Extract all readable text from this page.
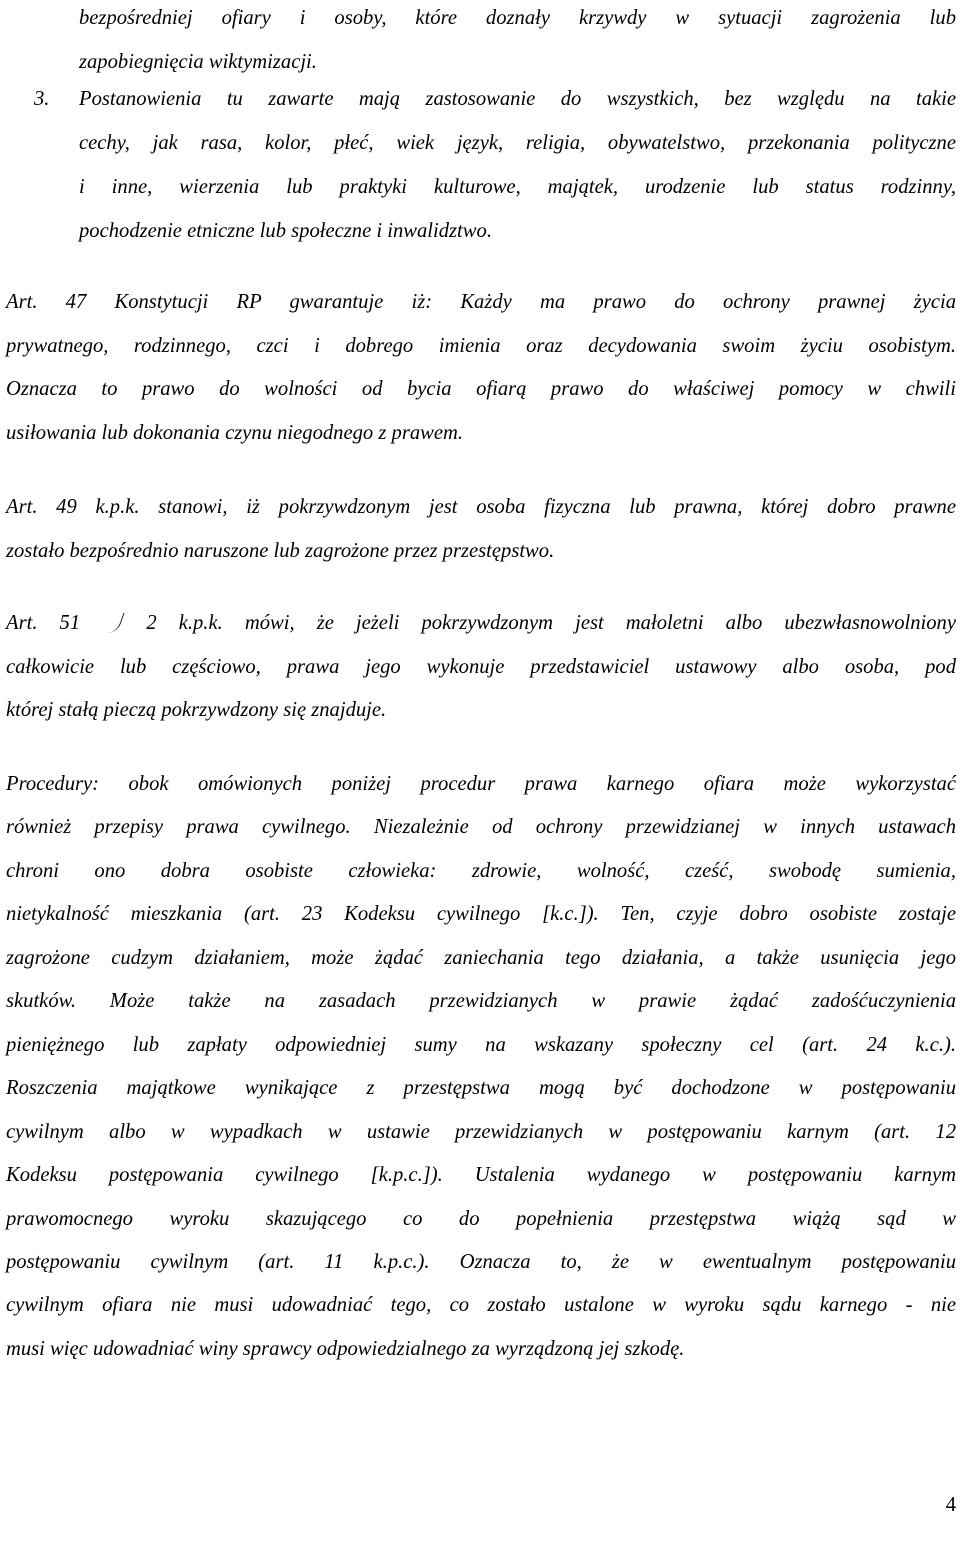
bezpośredniej ofiary i osoby, które doznały krzywdy w sytuacji zagrożenia lub
zapobiegnięcia wiktymizacji.
3. Postanowienia tu zawarte mają zastosowanie do wszystkich, bez względu na takie
cechy, jak rasa, kolor, płeć, wiek język, religia, obywatelstwo, przekonania polityczne
i inne, wierzenia lub praktyki kulturowe, majątek, urodzenie lub status rodzinny,
pochodzenie etniczne lub społeczne i inwalidztwo.
Art. 47 Konstytucji RP gwarantuje iż: Każdy ma prawo do ochrony prawnej życia
prywatnego, rodzinnego, czci i dobrego imienia oraz decydowania swoim życiu osobistym.
Oznacza to prawo do wolności od bycia ofiarą prawo do właściwej pomocy w chwili
usiłowania lub dokonania czynu niegodnego z prawem.
Art. 49 k.p.k. stanowi, iż pokrzywdzonym jest osoba fizyczna lub prawna, której dobro prawne
zostało bezpośrednio naruszone lub zagrożone przez przestępstwo.
Art. 51	2 k.p.k. mówi, że jeżeli pokrzywdzonym jest małoletni albo ubezwłasnowolniony
całkowicie lub częściowo, prawa jego wykonuje przedstawiciel ustawowy albo osoba, pod
której stałą pieczą pokrzywdzony się znajduje.
Procedury: obok omówionych poniżej procedur prawa karnego ofiara może wykorzystać
również przepisy prawa cywilnego. Niezależnie od ochrony przewidzianej w innych ustawach
chroni ono dobra osobiste człowieka: zdrowie, wolność, cześć, swobodę sumienia,
nietykalność mieszkania (art. 23 Kodeksu cywilnego [k.c.]). Ten, czyje dobro osobiste zostaje
zagrożone cudzym działaniem, może żądać zaniechania tego działania, a także usunięcia jego
skutków. Może także na zasadach przewidzianych w prawie żądać zadośćuczynienia
pieniężnego lub zapłaty odpowiedniej sumy na wskazany społeczny cel (art. 24 k.c.).
Roszczenia majątkowe wynikające z przestępstwa mogą być dochodzone w postępowaniu
cywilnym albo w wypadkach w ustawie przewidzianych w postępowaniu karnym (art. 12
Kodeksu postępowania cywilnego [k.p.c.]). Ustalenia wydanego w postępowaniu karnym
prawomocnego wyroku skazującego co do popełnienia przestępstwa wiążą sąd w
postępowaniu cywilnym (art. 11 k.p.c.). Oznacza to, że w ewentualnym postępowaniu
cywilnym ofiara nie musi udowadniać tego, co zostało ustalone w wyroku sądu karnego - nie
musi więc udowadniać winy sprawcy odpowiedzialnego za wyrządzoną jej szkodę.
4
